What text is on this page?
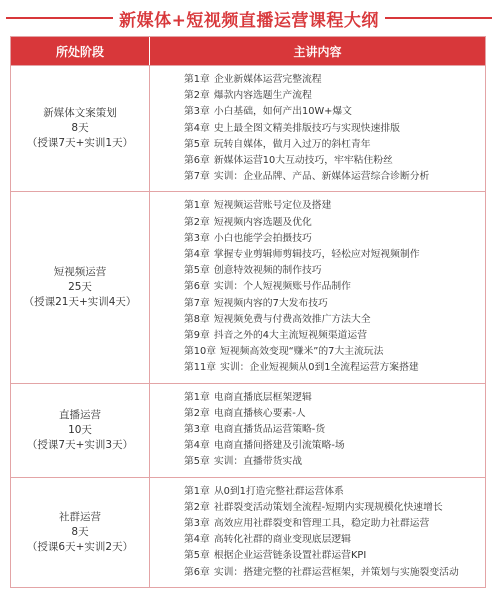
新媒体+短视频直播运营课程大纲
所处阶段	主讲内容
新媒体文案策划
8天
（授课7天+实训1天）
第1章 企业新媒体运营完整流程
第2章 爆款内容选题生产流程
第3章 小白基础，如何产出10W+爆文
第4章 史上最全图文精美排版技巧与实现快速排版
第5章 玩转自媒体，做月入过万的斜杠青年
第6章 新媒体运营10大互动技巧，牢牢粘住粉丝
第7章 实训：企业品牌、产品、新媒体运营综合诊断分析
短视频运营
25天
（授课21天+实训4天）
第1章 短视频运营账号定位及搭建
第2章 短视频内容选题及优化
第3章 小白也能学会拍摄技巧
第4章 掌握专业剪辑师剪辑技巧，轻松应对短视频制作
第5章 创意特效视频的制作技巧
第6章 实训：个人短视频账号作品制作
第7章 短视频内容的7大发布技巧
第8章 短视频免费与付费高效推广方法大全
第9章 抖音之外的4大主流短视频渠道运营
第10章 短视频高效变现“赚米”的7大主流玩法
第11章 实训：企业短视频从0到1全流程运营方案搭建
直播运营
10天
（授课7天+实训3天）
第1章 电商直播底层框架逻辑
第2章 电商直播核心要素-人
第3章 电商直播货品运营策略-货
第4章 电商直播间搭建及引流策略-场
第5章 实训：直播带货实战
社群运营
8天
（授课6天+实训2天）
第1章 从0到1打造完整社群运营体系
第2章 社群裂变活动策划全流程-短期内实现规模化快速增长
第3章 高效应用社群裂变和管理工具，稳定助力社群运营
第4章 高转化社群的商业变现底层逻辑
第5章 根据企业运营链条设置社群运营KPI
第6章 实训：搭建完整的社群运营框架，并策划与实施裂变活动
